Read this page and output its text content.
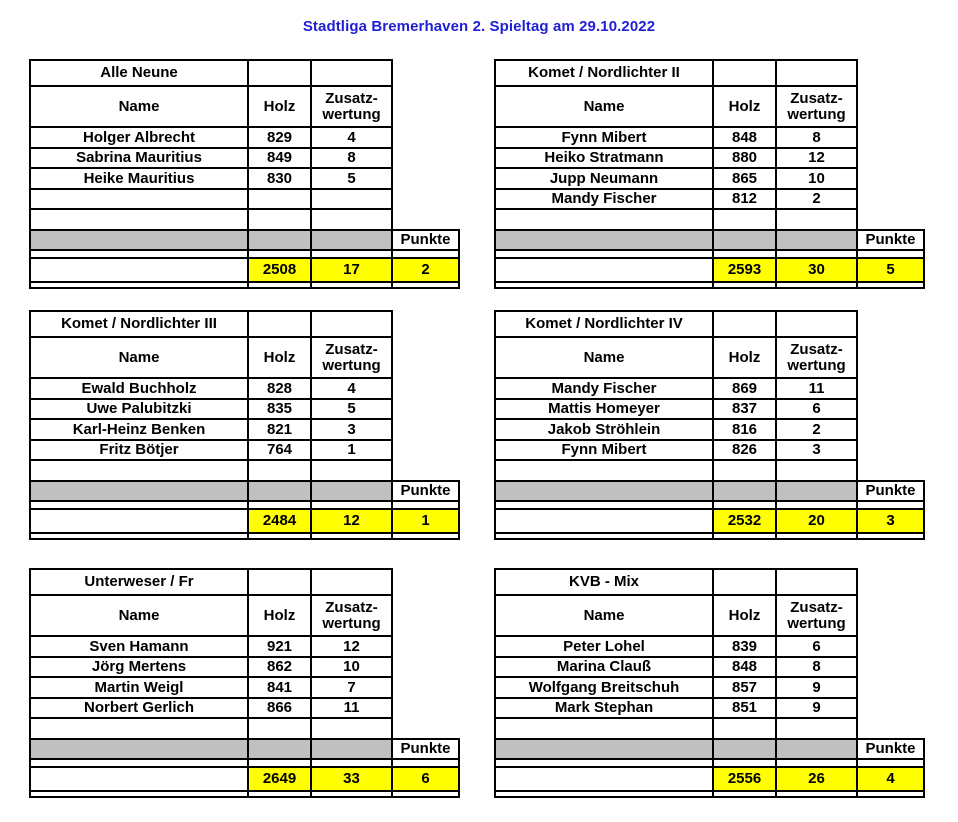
Stadtliga Bremerhaven 2. Spieltag am 29.10.2022
Alle Neune
Name	Holz	Zusatz-
wertung
Holger Albrecht	829	4
Sabrina Mauritius	849	8
Heike Mauritius	830	5
Punkte
2508	17	2
Komet / Nordlichter II
Name	Holz	Zusatz-
wertung
Fynn Mibert	848	8
Heiko Stratmann	880	12
Jupp Neumann	865	10
Mandy Fischer	812	2
Punkte
2593	30	5
Komet / Nordlichter III
Name	Holz	Zusatz-
wertung
Ewald Buchholz	828	4
Uwe Palubitzki	835	5
Karl-Heinz Benken	821	3
Fritz Bötjer	764	1
Punkte
2484	12	1
Komet / Nordlichter IV
Name	Holz	Zusatz-
wertung
Mandy Fischer	869	11
Mattis Homeyer	837	6
Jakob Ströhlein	816	2
Fynn Mibert	826	3
Punkte
2532	20	3
Unterweser / Fr
Name	Holz	Zusatz-
wertung
Sven Hamann	921	12
Jörg Mertens	862	10
Martin Weigl	841	7
Norbert Gerlich	866	11
Punkte
2649	33	6
KVB - Mix
Name	Holz	Zusatz-
wertung
Peter Lohel	839	6
Marina Clauß	848	8
Wolfgang Breitschuh	857	9
Mark Stephan	851	9
Punkte
2556	26	4
